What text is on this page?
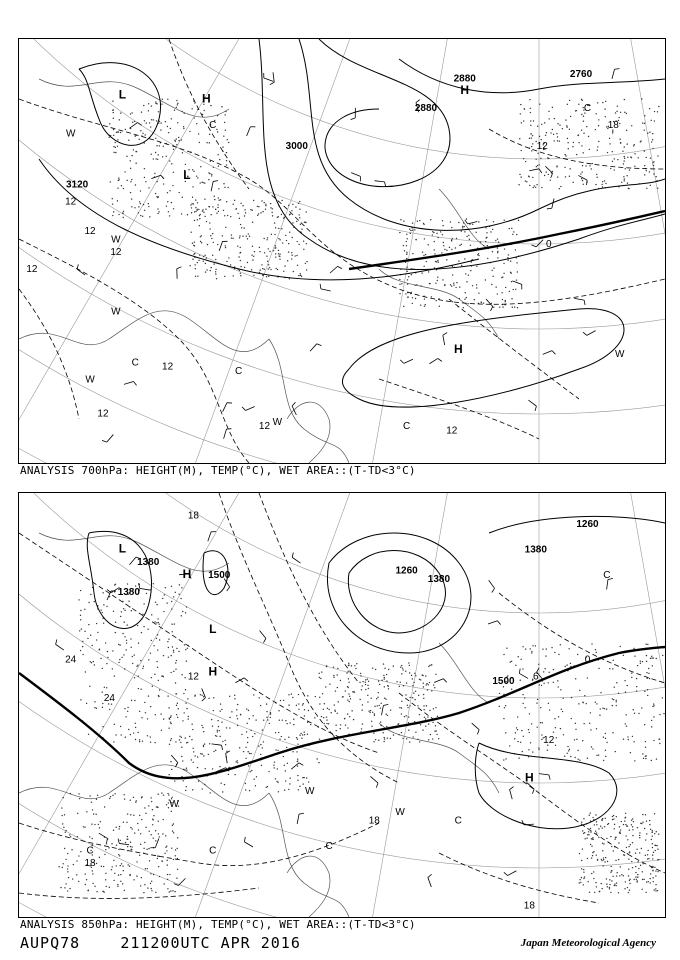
H
L
L
H
H
3000
3120
2880
2880	2760
12
12
12
12
12
12
12	12
12
18
0
W
C
W
W
C
W
C
W	C
W
C
ANALYSIS 700hPa: HEIGHT(M), TEMP(°C), WET AREA::(T-TD<3°C)
L
H
L
H
H
1380
1380
1500	1260
1380
1380
1260
1500
18
24
24
12
12
18
18
18
0
6
W
W
W
C	C	C
C
C
ANALYSIS 850hPa: HEIGHT(M), TEMP(°C), WET AREA::(T-TD<3°C)
AUPQ78	211200UTC APR 2016	Japan Meteorological Agency
